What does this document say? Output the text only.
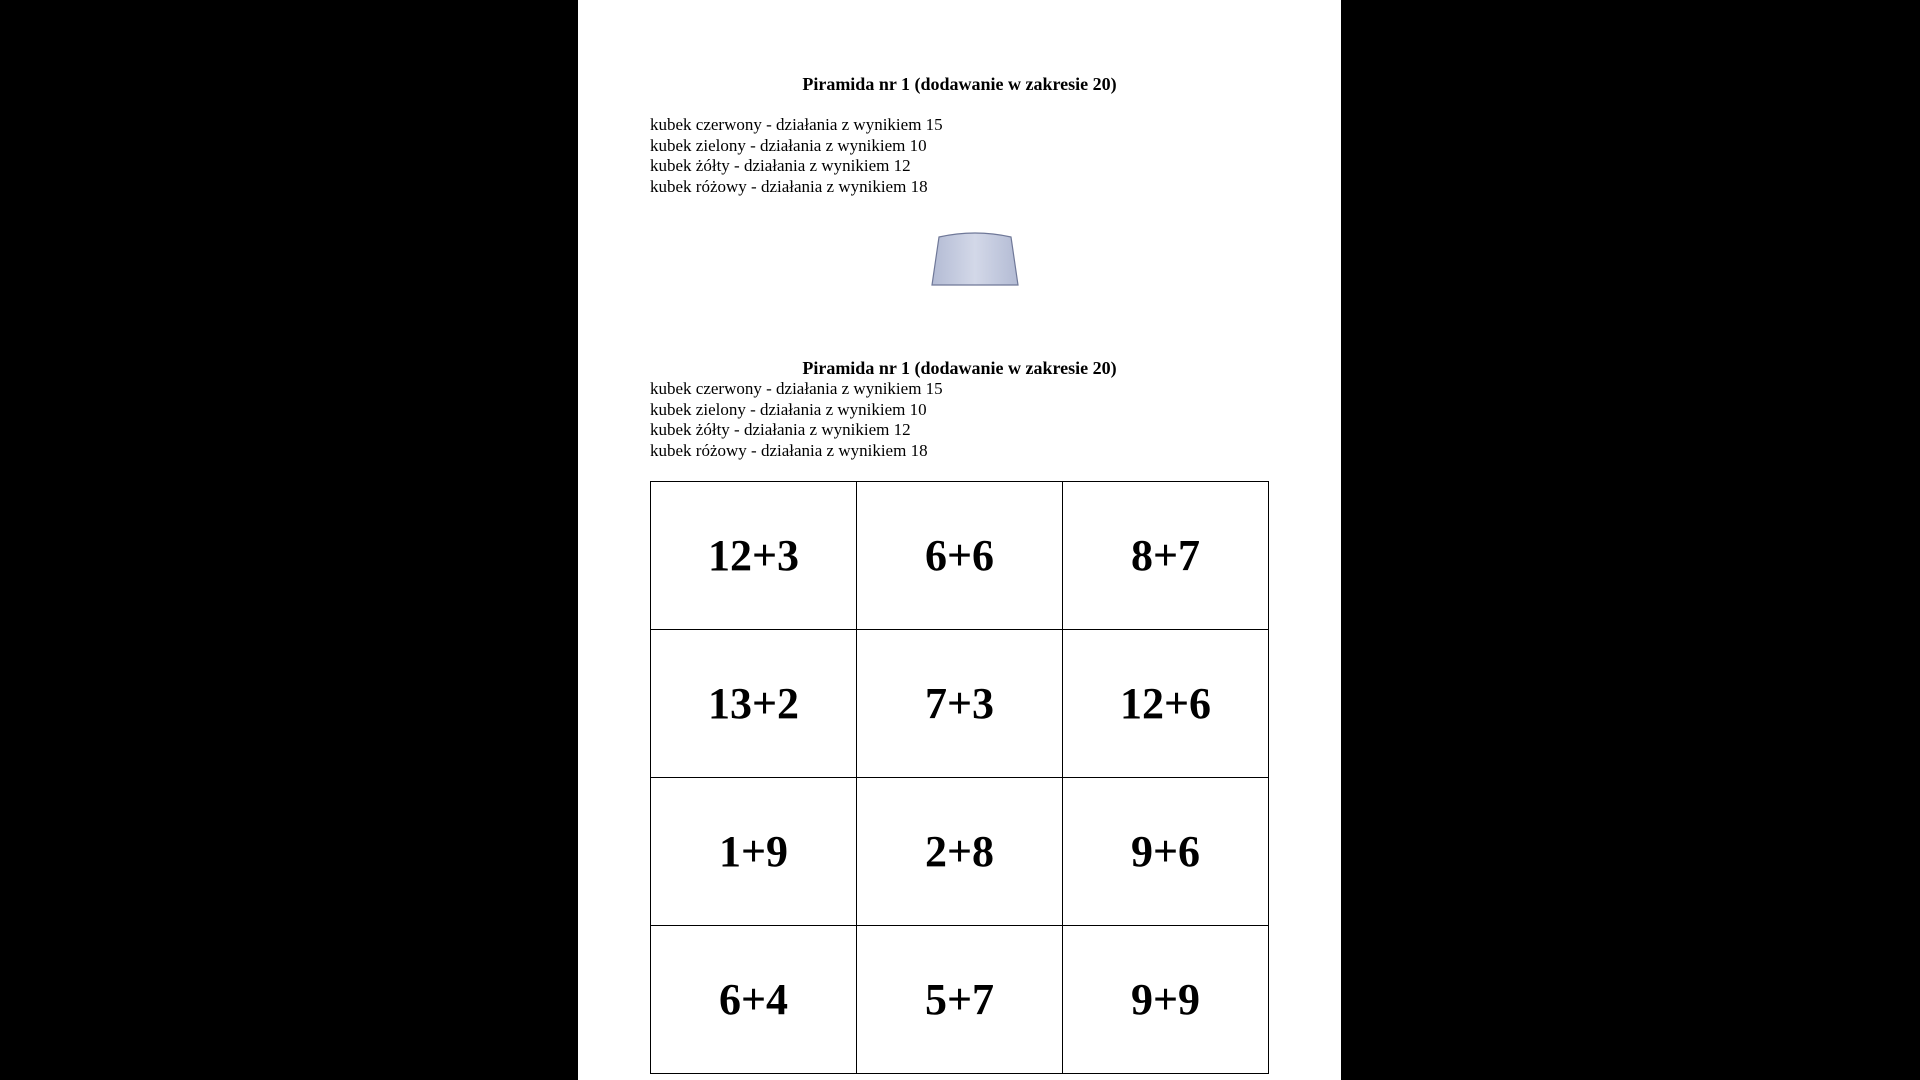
Piramida nr 1 (dodawanie w zakresie 20)
kubek czerwony - działania z wynikiem 15
kubek zielony - działania z wynikiem 10
kubek żółty - działania z wynikiem 12
kubek różowy - działania z wynikiem 18
Piramida nr 1 (dodawanie w zakresie 20)
kubek czerwony - działania z wynikiem 15
kubek zielony - działania z wynikiem 10
kubek żółty - działania z wynikiem 12
kubek różowy - działania z wynikiem 18
12+3	6+6	8+7
13+2	7+3	12+6
1+9	2+8	9+6
6+4	5+7	9+9
